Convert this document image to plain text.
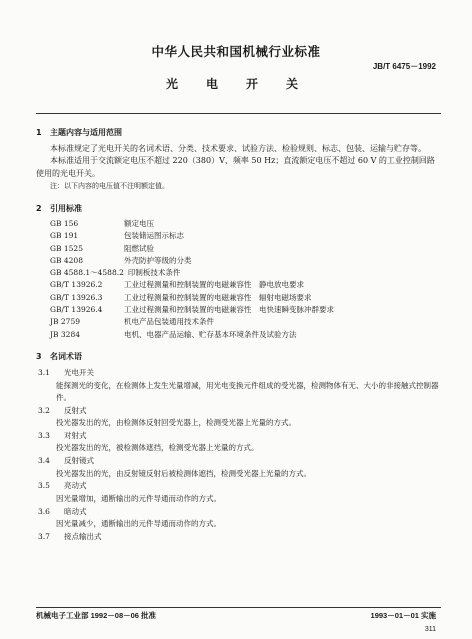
中华人民共和国机械行业标准
JB/T 6475－1992
光　电　开　关
1 主题内容与适用范围

本标准规定了光电开关的名词术语、分类、技术要求、试验方法、检验规则、标志、包装、运输与贮存等。

本标准适用于交流额定电压不超过 220（380）V、频率 50 Hz；直流额定电压不超过 60 V 的工业控制回路使用的光电开关。

注：以下内容的电压值不注明额定值。

2 引用标准
GB 156	额定电压
GB 191	包装储运图示标志
GB 1525	阻燃试验
GB 4208	外壳防护等级的分类
GB 4588.1～4588.2 印制板技术条件
GB/T 13926.2	工业过程测量和控制装置的电磁兼容性　静电放电要求
GB/T 13926.3	工业过程测量和控制装置的电磁兼容性　辐射电磁场要求
GB/T 13926.4	工业过程测量和控制装置的电磁兼容性　电快速瞬变脉冲群要求
JB 2759	机电产品包装通用技术条件
JB 3284	电机、电器产品运输、贮存基本环境条件及试验方法
3 名词术语

3.1 光电开关

能探测光的变化，在检测体上发生光量增减，用光电变换元件组成的受光器，检测物体有无、大小的非接触式控制器件。

3.2 反射式

投光器发出的光，由检测体反射回受光器上，检测受光器上光量的方式。

3.3 对射式

投光器发出的光，被检测体遮挡，检测受光器上光量的方式。

3.4 反射镜式

投光器发出的光，由反射镜反射后被检测体遮挡，检测受光器上光量的方式。

3.5 亮动式

因光量增加，通断输出的元件导通而动作的方式。

3.6 暗动式

因光量减少，通断输出的元件导通而动作的方式。

3.7 接点输出式

机械电子工业部 1992－08－06 批准	1993－01－01 实施
311
